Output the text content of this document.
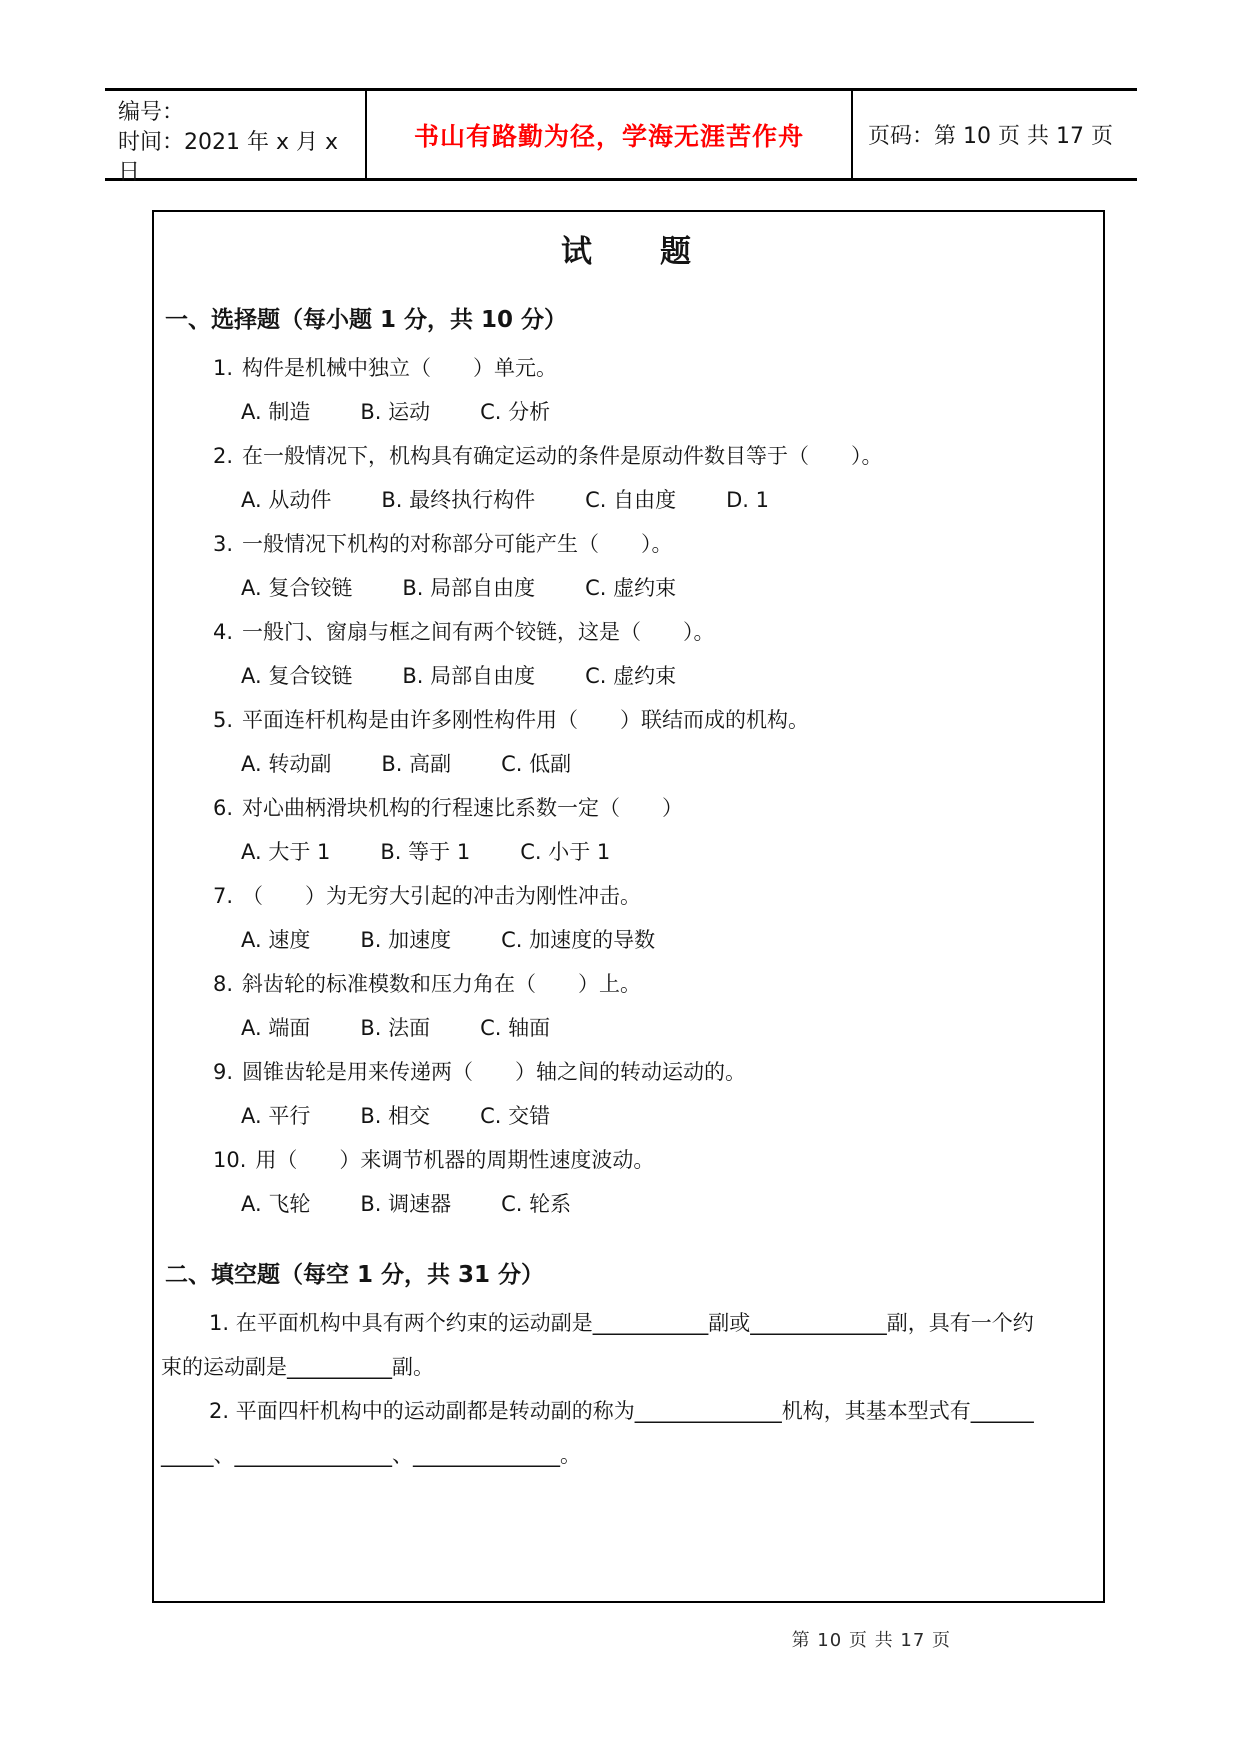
编号：
时间：2021 年 x 月 x 日
书山有路勤为径，学海无涯苦作舟	页码：第 10 页 共 17 页
试　　题
一、选择题（每小题 1 分，共 10 分）
1. 构件是机械中独立（　　）单元。
A. 制造 B. 运动 C. 分析
2. 在一般情况下，机构具有确定运动的条件是原动件数目等于（　　）。
A. 从动件 B. 最终执行构件 C. 自由度 D. 1
3. 一般情况下机构的对称部分可能产生（　　）。
A. 复合铰链 B. 局部自由度 C. 虚约束
4. 一般门、窗扇与框之间有两个铰链，这是（　　）。
A. 复合铰链 B. 局部自由度 C. 虚约束
5. 平面连杆机构是由许多刚性构件用（　　）联结而成的机构。
A. 转动副 B. 高副 C. 低副
6. 对心曲柄滑块机构的行程速比系数一定（　　）
A. 大于 1 B. 等于 1 C. 小于 1
7. （　　）为无穷大引起的冲击为刚性冲击。
A. 速度 B. 加速度 C. 加速度的导数
8. 斜齿轮的标准模数和压力角在（　　）上。
A. 端面 B. 法面 C. 轴面
9. 圆锥齿轮是用来传递两（　　）轴之间的转动运动的。
A. 平行 B. 相交 C. 交错
10. 用（　　）来调节机器的周期性速度波动。
A. 飞轮 B. 调速器 C. 轮系
二、填空题（每空 1 分，共 31 分）
1. 在平面机构中具有两个约束的运动副是___________副或_____________副，具有一个约
束的运动副是__________副。
2. 平面四杆机构中的运动副都是转动副的称为______________机构，其基本型式有______
_____、_______________、______________。
第 10 页 共 17 页
